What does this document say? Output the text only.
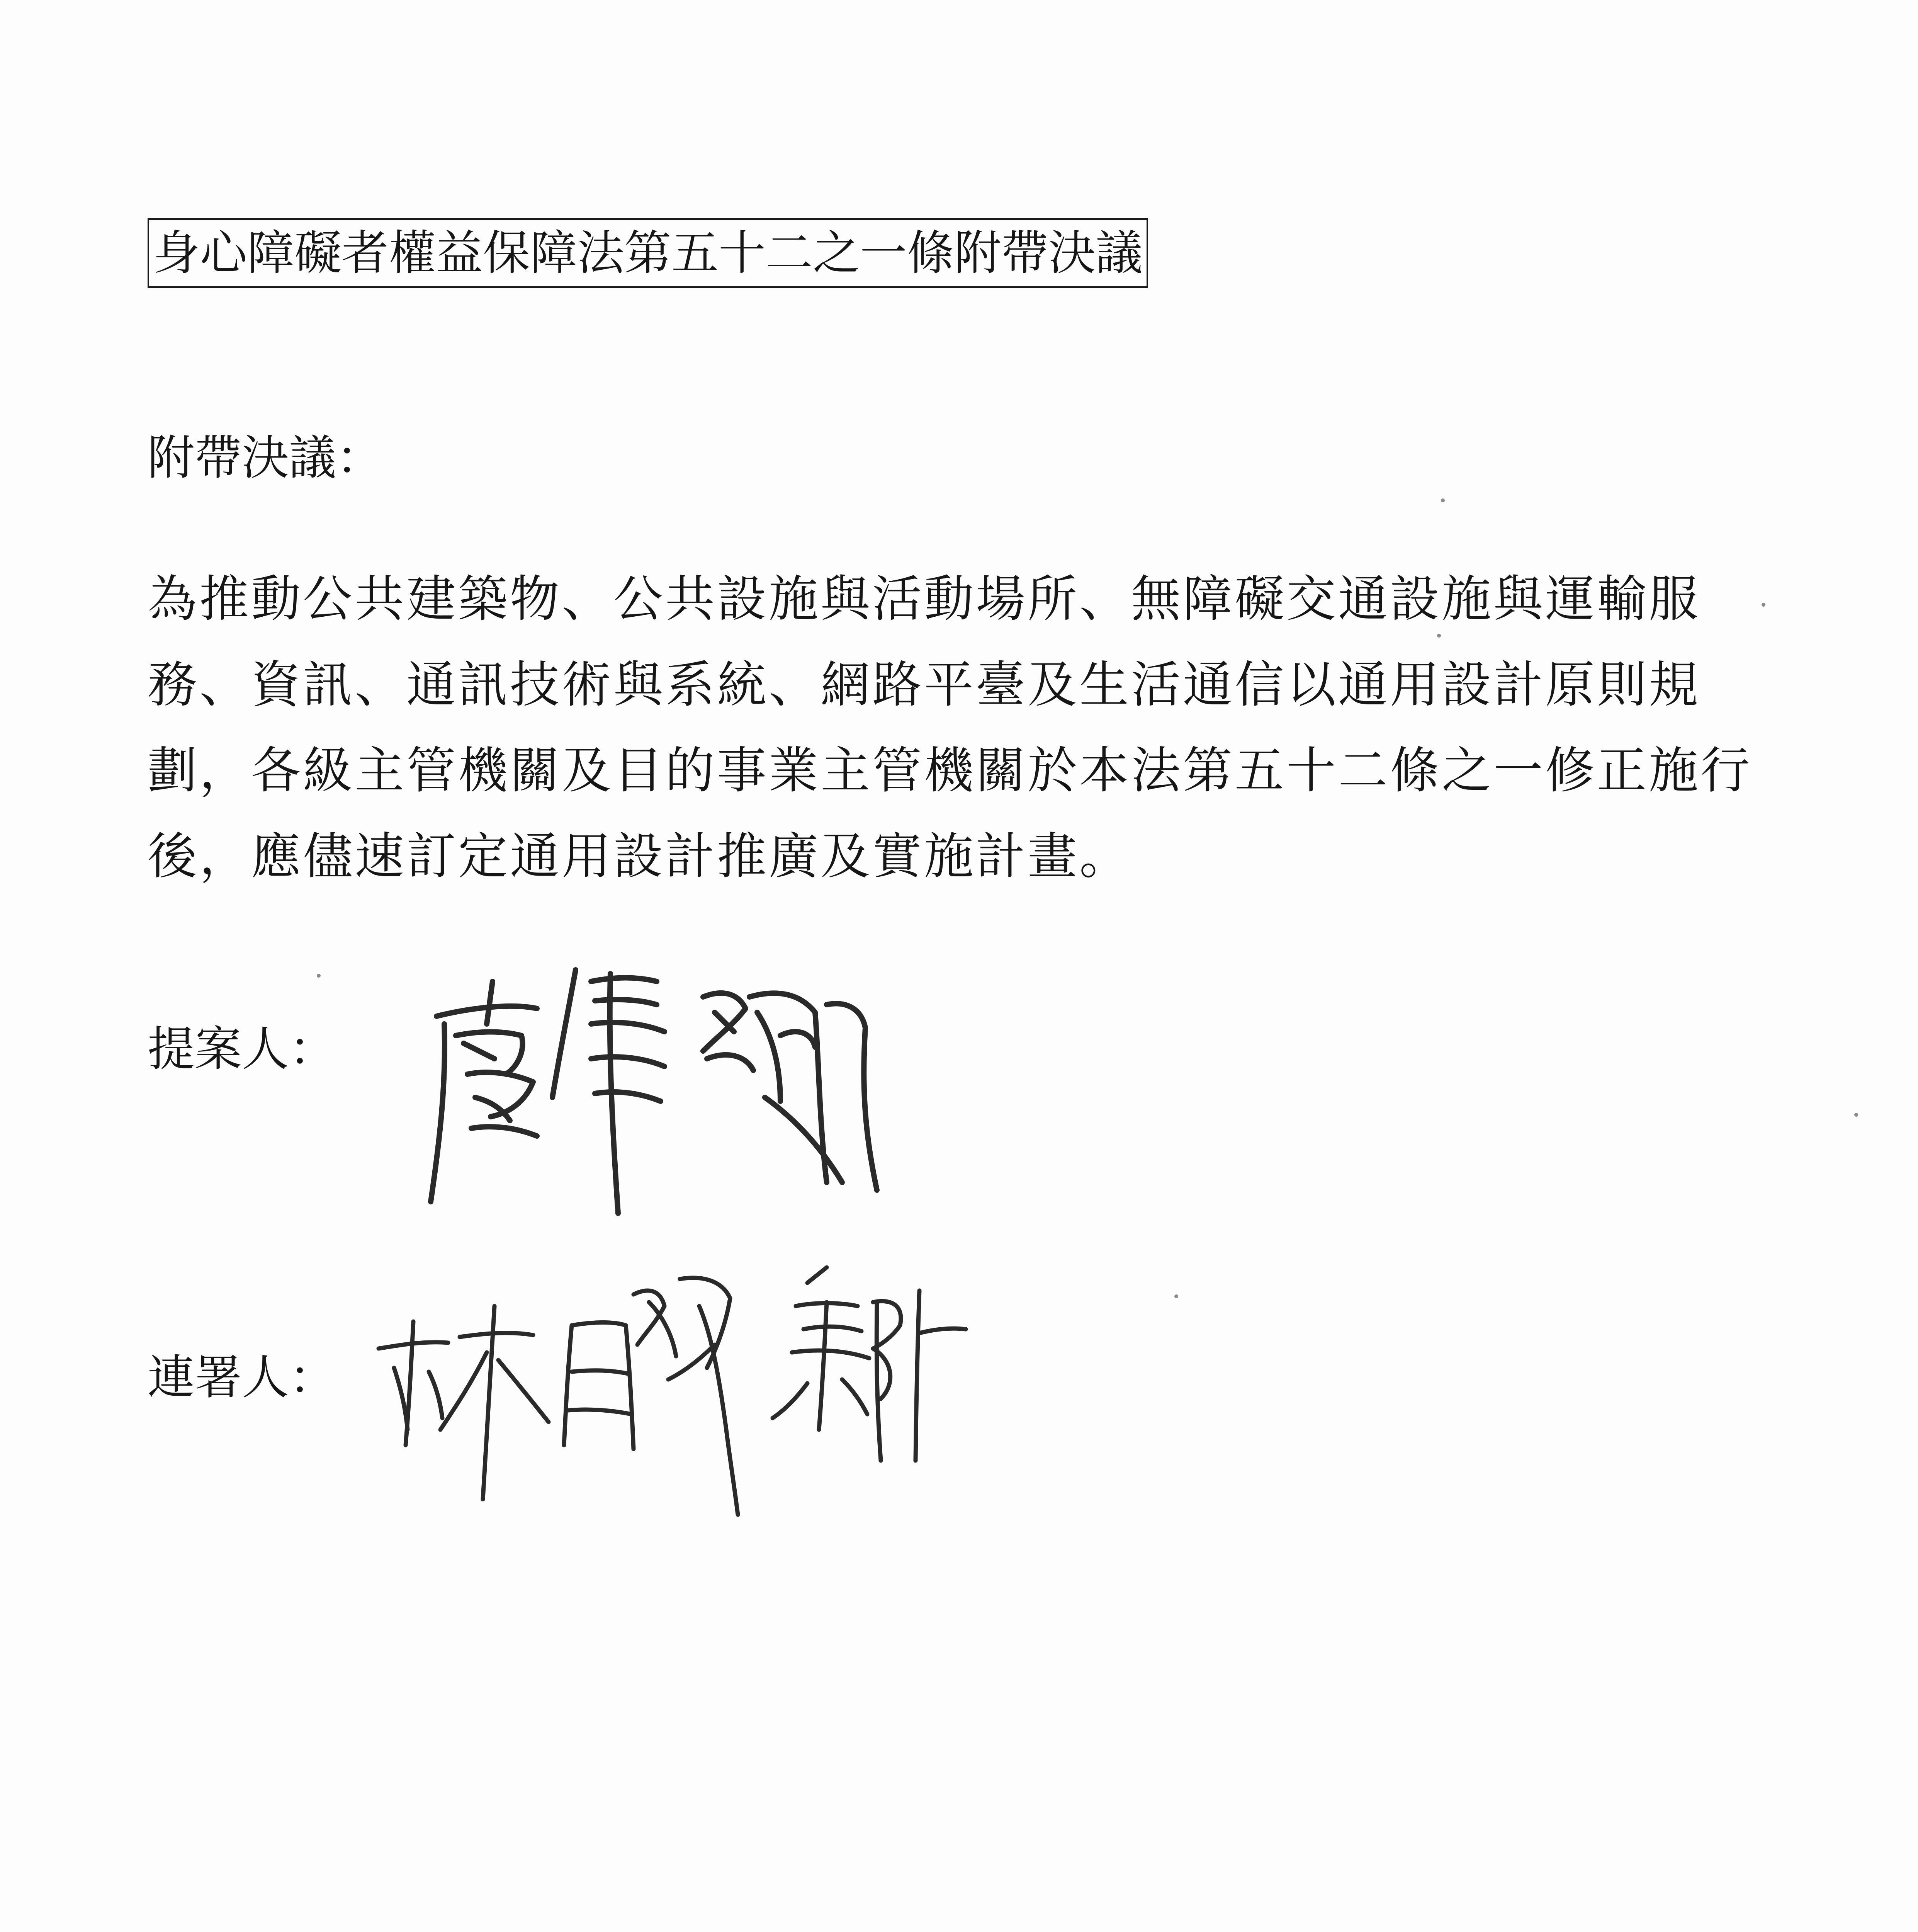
身心障礙者權益保障法第五十二之一條附帶決議
附帶決議：

為推動公共建築物、公共設施與活動場所、無障礙交通設施與運輸服務、資訊、通訊技術與系統、網路平臺及生活通信以通用設計原則規劃，各級主管機關及目的事業主管機關於本法第五十二條之一修正施行後，應儘速訂定通用設計推廣及實施計畫。

提案人：
連署人：
